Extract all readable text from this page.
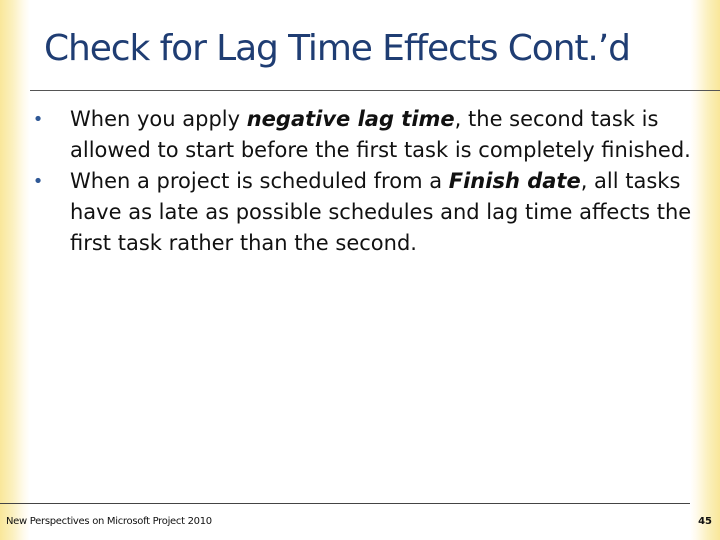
Check for Lag Time Effects Cont.’d
• When you apply negative lag time, the second task is allowed to start before the first task is completely finished.
• When a project is scheduled from a Finish date, all tasks have as late as possible schedules and lag time affects the first task rather than the second.
New Perspectives on Microsoft Project 2010	45
